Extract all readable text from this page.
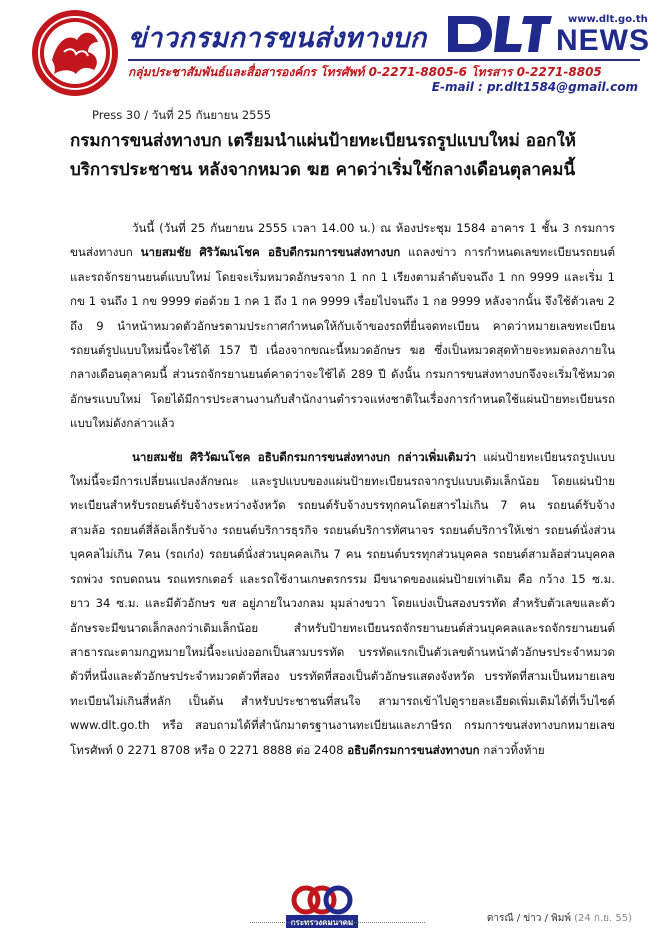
ข่าวกรมการขนส่งทางบก
www.dlt.go.th
NEWS
กลุ่มประชาสัมพันธ์และสื่อสารองค์กร โทรศัพท์ 0-2271-8805-6 โทรสาร 0-2271-8805
E-mail : pr.dlt1584@gmail.com
Press 30 / วันที่ 25 กันยายน 2555
กรมการขนส่งทางบก เตรียมนำแผ่นป้ายทะเบียนรถรูปแบบใหม่ ออกให้บริการประชาชน หลังจากหมวด ฆฮ คาดว่าเริ่มใช้กลางเดือนตุลาคมนี้

วันนี้ (วันที่ 25 กันยายน 2555 เวลา 14.00 น.) ณ ห้องประชุม 1584 อาคาร 1 ชั้น 3 กรมการขนส่งทางบก นายสมชัย ศิริวัฒนโชค อธิบดีกรมการขนส่งทางบก แถลงข่าว การกำหนดเลขทะเบียนรถยนต์และรถจักรยานยนต์แบบใหม่ โดยจะเริ่มหมวดอักษรจาก 1 กก 1 เรียงตามลำดับจนถึง 1 กก 9999 และเริ่ม 1 กข 1 จนถึง 1 กข 9999 ต่อด้วย 1 กค 1 ถึง 1 กค 9999 เรื่อยไปจนถึง 1 กฮ 9999 หลังจากนั้น จึงใช้ตัวเลข 2 ถึง 9 นำหน้าหมวดตัวอักษรตามประกาศกำหนดให้กับเจ้าของรถที่ยื่นจดทะเบียน คาดว่าหมายเลขทะเบียนรถยนต์รูปแบบใหม่นี้จะใช้ได้ 157 ปี เนื่องจากขณะนี้หมวดอักษร ฆฮ ซึ่งเป็นหมวดสุดท้ายจะหมดลงภายในกลางเดือนตุลาคมนี้ ส่วนรถจักรยานยนต์คาดว่าจะใช้ได้ 289 ปี ดังนั้น กรมการขนส่งทางบกจึงจะเริ่มใช้หมวดอักษรแบบใหม่ โดยได้มีการประสานงานกับสำนักงานตำรวจแห่งชาติในเรื่องการกำหนดใช้แผ่นป้ายทะเบียนรถแบบใหม่ดังกล่าวแล้ว

นายสมชัย ศิริวัฒนโชค อธิบดีกรมการขนส่งทางบก กล่าวเพิ่มเติมว่า แผ่นป้ายทะเบียนรถรูปแบบใหม่นี้จะมีการเปลี่ยนแปลงลักษณะ และรูปแบบของแผ่นป้ายทะเบียนรถจากรูปแบบเดิมเล็กน้อย โดยแผ่นป้ายทะเบียนสำหรับรถยนต์รับจ้างระหว่างจังหวัด รถยนต์รับจ้างบรรทุกคนโดยสารไม่เกิน 7 คน รถยนต์รับจ้างสามล้อ รถยนต์สี่ล้อเล็กรับจ้าง รถยนต์บริการธุรกิจ รถยนต์บริการทัศนาจร รถยนต์บริการให้เช่า รถยนต์นั่งส่วนบุคคลไม่เกิน 7คน (รถเก๋ง) รถยนต์นั่งส่วนบุคคลเกิน 7 คน รถยนต์บรรทุกส่วนบุคคล รถยนต์สามล้อส่วนบุคคล รถพ่วง รถบดถนน รถแทรกเตอร์ และรถใช้งานเกษตรกรรม มีขนาดของแผ่นป้ายเท่าเดิม คือ กว้าง 15 ซ.ม. ยาว 34 ซ.ม. และมีตัวอักษร ขส อยู่ภายในวงกลม มุมล่างขวา โดยแบ่งเป็นสองบรรทัด สำหรับตัวเลขและตัวอักษรจะมีขนาดเล็กลงกว่าเดิมเล็กน้อย สำหรับป้ายทะเบียนรถจักรยานยนต์ส่วนบุคคลและรถจักรยานยนต์สาธารณะตามกฎหมายใหม่นี้จะแบ่งออกเป็นสามบรรทัด บรรทัดแรกเป็นตัวเลขด้านหน้าตัวอักษรประจำหมวดตัวที่หนึ่งและตัวอักษรประจำหมวดตัวที่สอง บรรทัดที่สองเป็นตัวอักษรแสดงจังหวัด บรรทัดที่สามเป็นหมายเลขทะเบียนไม่เกินสี่หลัก เป็นต้น สำหรับประชาชนที่สนใจ สามารถเข้าไปดูรายละเอียดเพิ่มเติมได้ที่เว็บไซต์ www.dlt.go.th หรือ สอบถามได้ที่สำนักมาตรฐานงานทะเบียนและภาษีรถ กรมการขนส่งทางบกหมายเลขโทรศัพท์ 0 2271 8708 หรือ 0 2271 8888 ต่อ 2408 อธิบดีกรมการขนส่งทางบก กล่าวทิ้งท้าย

กระทรวงคมนาคม	ดารณี / ข่าว / พิมพ์ (24 ก.ย. 55)
